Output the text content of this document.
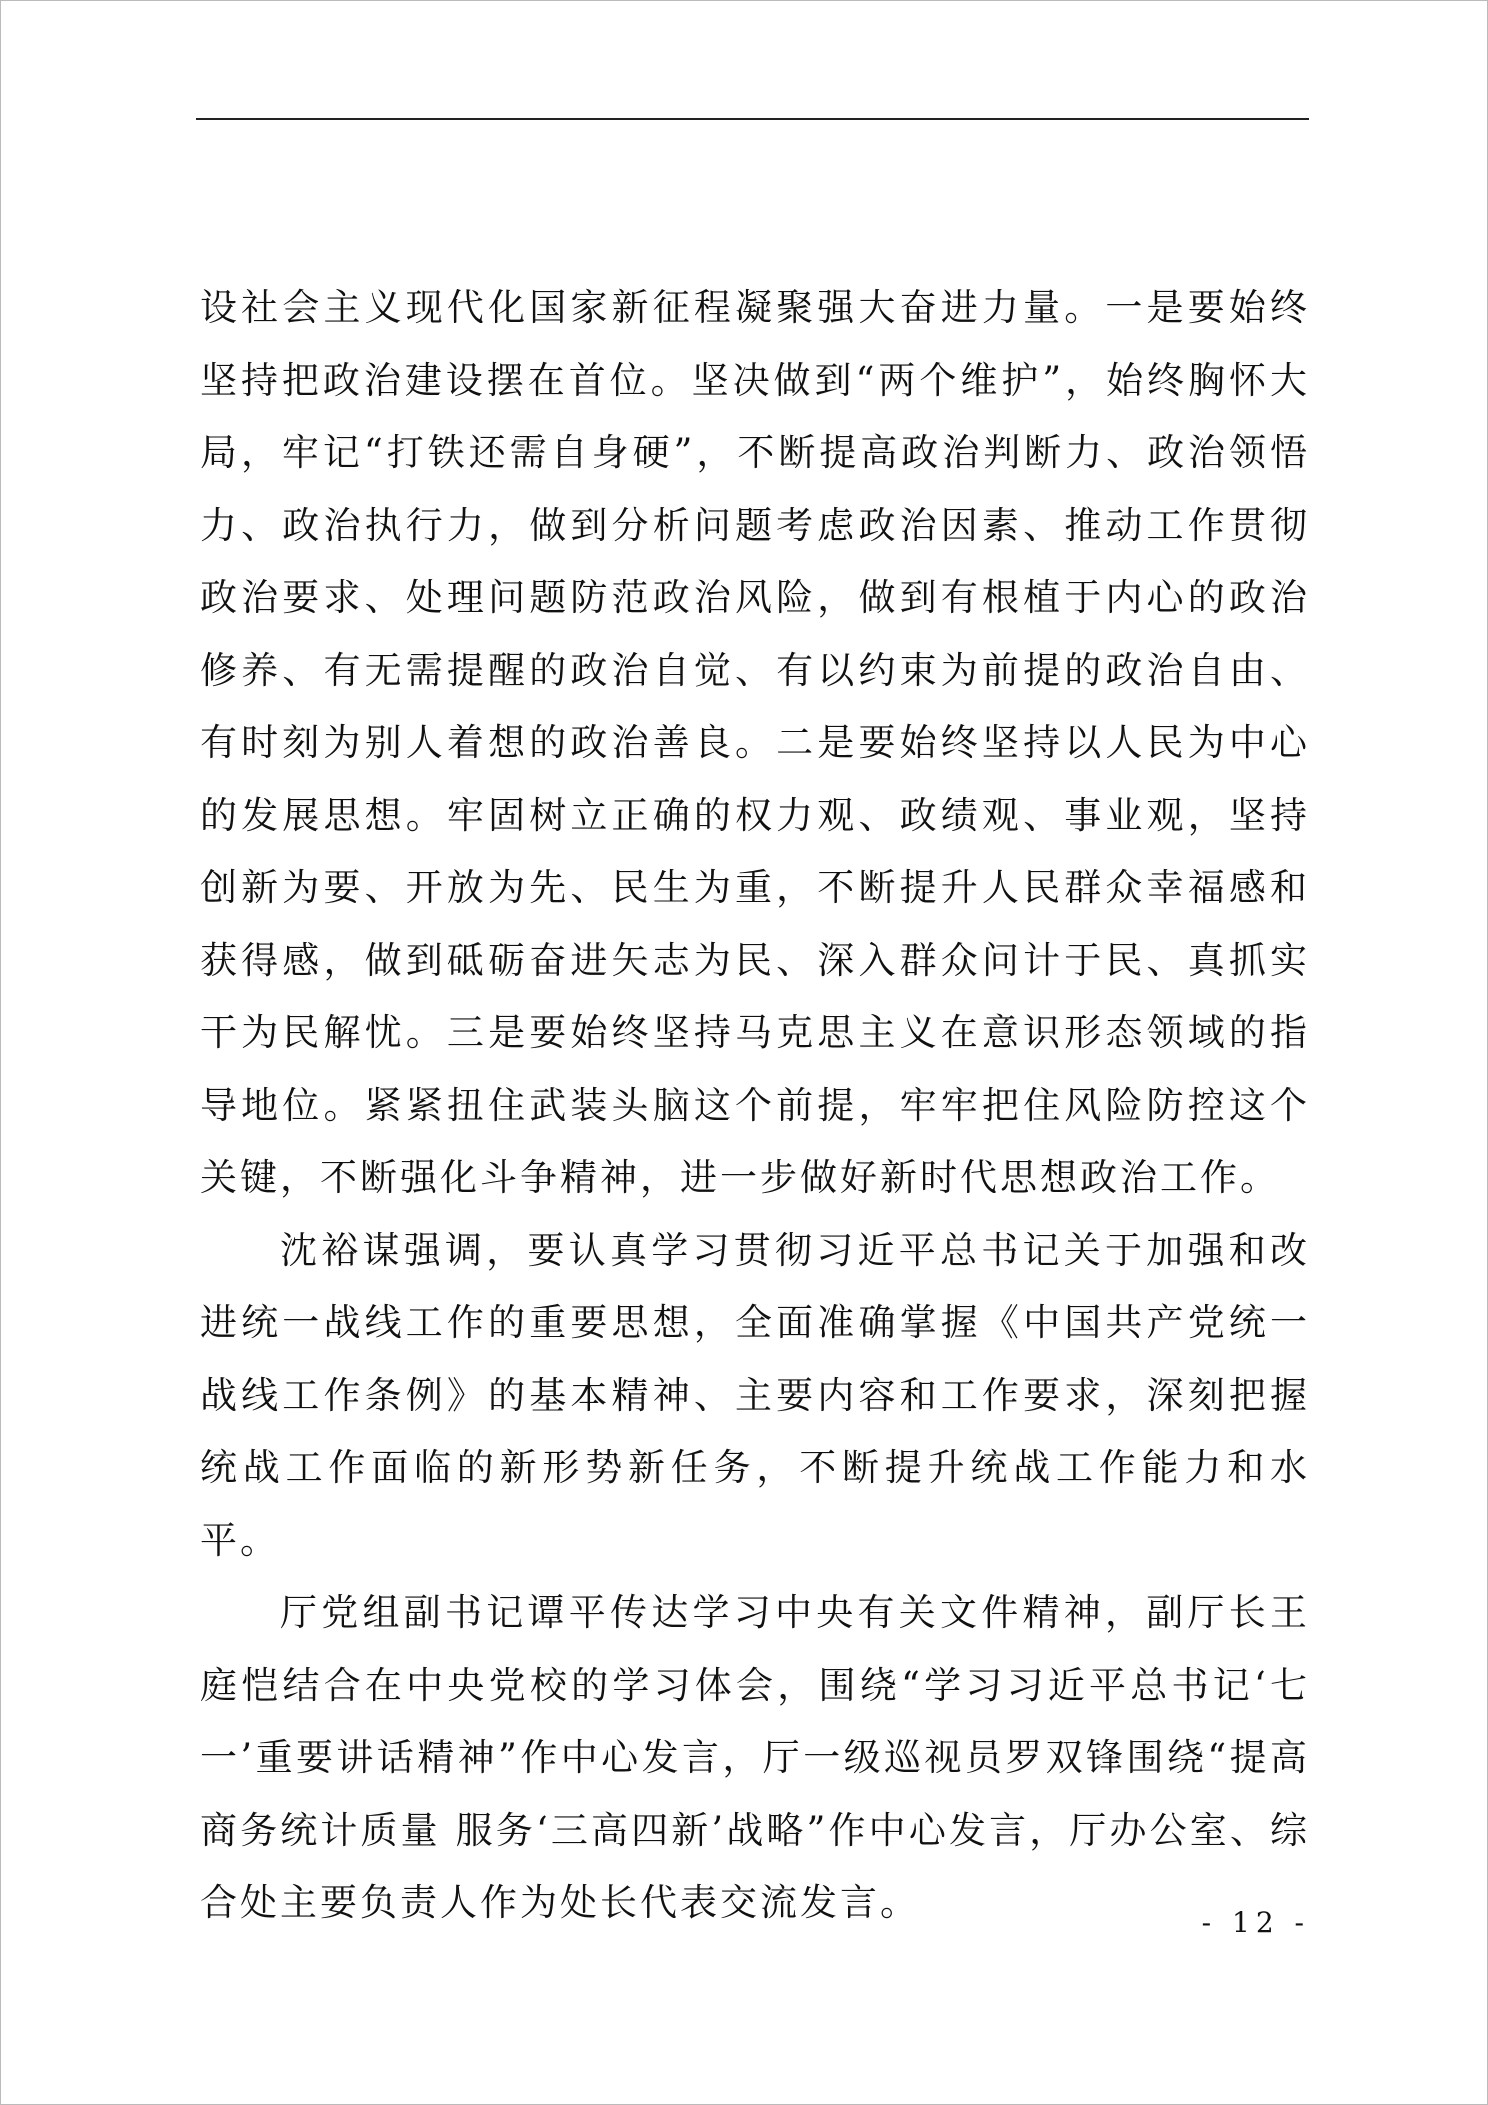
设社会主义现代化国家新征程凝聚强大奋进力量。一是要始终坚持把政治建设摆在首位。坚决做到“两个维护”，始终胸怀大局，牢记“打铁还需自身硬”，不断提高政治判断力、政治领悟力、政治执行力，做到分析问题考虑政治因素、推动工作贯彻政治要求、处理问题防范政治风险，做到有根植于内心的政治修养、有无需提醒的政治自觉、有以约束为前提的政治自由、有时刻为别人着想的政治善良。二是要始终坚持以人民为中心的发展思想。牢固树立正确的权力观、政绩观、事业观，坚持创新为要、开放为先、民生为重，不断提升人民群众幸福感和获得感，做到砥砺奋进矢志为民、深入群众问计于民、真抓实干为民解忧。三是要始终坚持马克思主义在意识形态领域的指导地位。紧紧扭住武装头脑这个前提，牢牢把住风险防控这个关键，不断强化斗争精神，进一步做好新时代思想政治工作。

沈裕谋强调，要认真学习贯彻习近平总书记关于加强和改进统一战线工作的重要思想，全面准确掌握《中国共产党统一战线工作条例》的基本精神、主要内容和工作要求，深刻把握统战工作面临的新形势新任务，不断提升统战工作能力和水平。

厅党组副书记谭平传达学习中央有关文件精神，副厅长王庭恺结合在中央党校的学习体会，围绕“学习习近平总书记‘七一’重要讲话精神”作中心发言，厅一级巡视员罗双锋围绕“提高商务统计质量 服务‘三高四新’战略”作中心发言，厅办公室、综合处主要负责人作为处长代表交流发言。	- 12 -
